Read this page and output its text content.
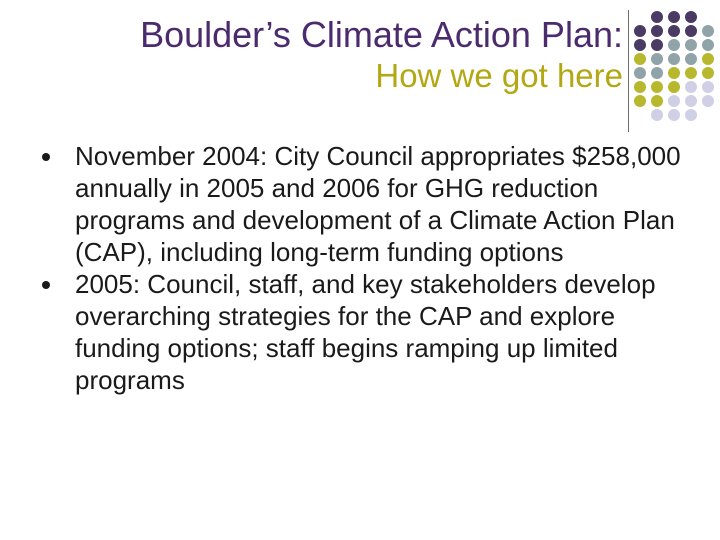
Boulder’s Climate Action Plan:
How we got here
November 2004: City Council appropriates $258,000 annually in 2005 and 2006 for GHG reduction programs and development of a Climate Action Plan (CAP), including long-term funding options
2005: Council, staff, and key stakeholders develop overarching strategies for the CAP and explore funding options; staff begins ramping up limited programs
